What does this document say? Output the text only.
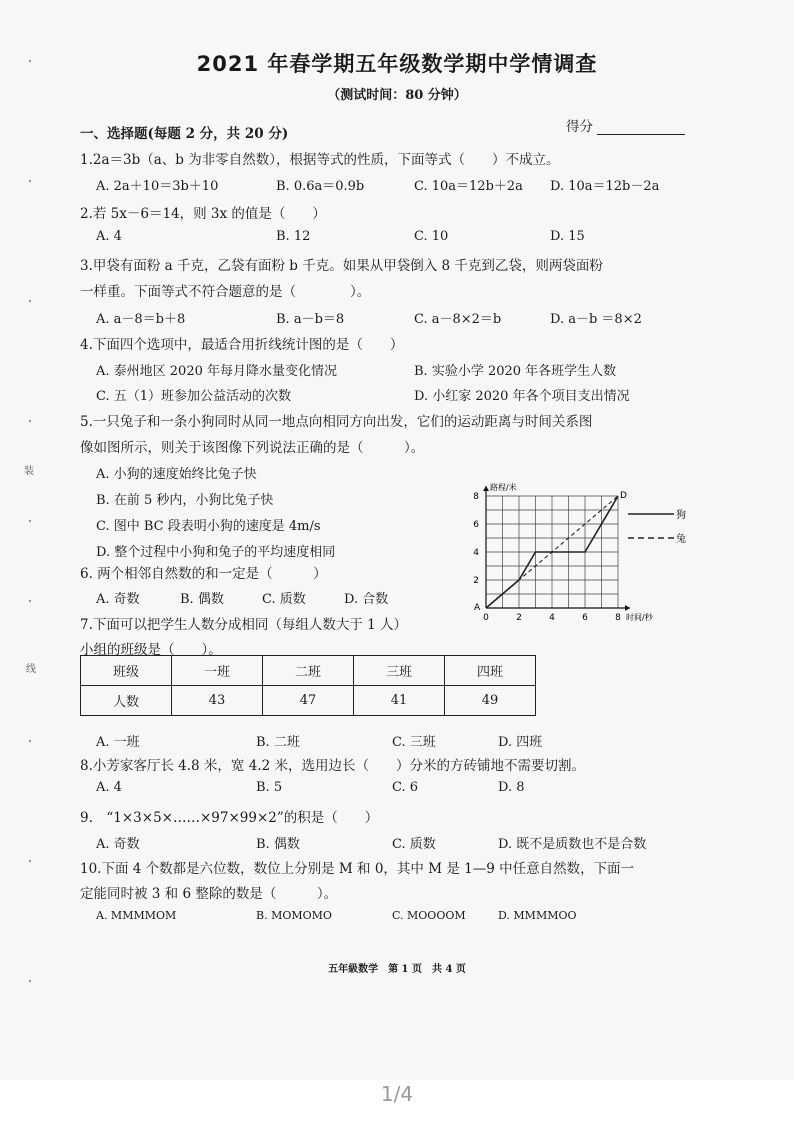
装
线
2021 年春学期五年级数学期中学情调查
（测试时间：80 分钟）
一、选择题(每题 2 分，共 20 分)	得分
1.2a＝3b（a、b 为非零自然数），根据等式的性质，下面等式（　　）不成立。
A. 2a＋10＝3b＋10	B. 0.6a＝0.9b	C. 10a＝12b＋2a D. 10a＝12b－2a
2.若 5x－6＝14，则 3x 的值是（　　）
A. 4	B. 12	C. 10	D. 15
3.甲袋有面粉 a 千克，乙袋有面粉 b 千克。如果从甲袋倒入 8 千克到乙袋，则两袋面粉
一样重。下面等式不符合题意的是（　　　　）。
A. a－8＝b＋8	B. a－b＝8	C. a－8×2＝b	D. a－b ＝8×2
4.下面四个选项中，最适合用折线统计图的是（　　）
A. 泰州地区 2020 年每月降水量变化情况	B. 实验小学 2020 年各班学生人数
C. 五（1）班参加公益活动的次数	D. 小红家 2020 年各个项目支出情况
5.一只兔子和一条小狗同时从同一地点向相同方向出发，它们的运动距离与时间关系图
像如图所示，则关于该图像下列说法正确的是（　　　）。
A. 小狗的速度始终比兔子快
B. 在前 5 秒内，小狗比兔子快
C. 图中 BC 段表明小狗的速度是 4m/s
D. 整个过程中小狗和兔子的平均速度相同
0	2	4	6	8
2
4
6
8
路程/米
时间/秒
A
D
狗
兔
6. 两个相邻自然数的和一定是（　　　）
A. 奇数	B. 偶数	C. 质数	D. 合数
7.下面可以把学生人数分成相同（每组人数大于 1 人）
小组的班级是（　　）。
班级	一班	二班	三班	四班
人数	43	47	41	49
A. 一班	B. 二班	C. 三班	D. 四班
8.小芳家客厅长 4.8 米，宽 4.2 米，选用边长（　　）分米的方砖铺地不需要切割。
A. 4	B. 5	C. 6	D. 8
9.　“1×3×5×……×97×99×2”的积是（　　）
A. 奇数	B. 偶数	C. 质数	D. 既不是质数也不是合数
10.下面 4 个数都是六位数，数位上分别是 M 和 0，其中 M 是 1—9 中任意自然数，下面一
定能同时被 3 和 6 整除的数是（　　　）。
A. MMMMOM	B. MOMOMO	C. MOOOOM	D. MMMMOO
五年級数学　第 1 页　共 4 页
1/4
